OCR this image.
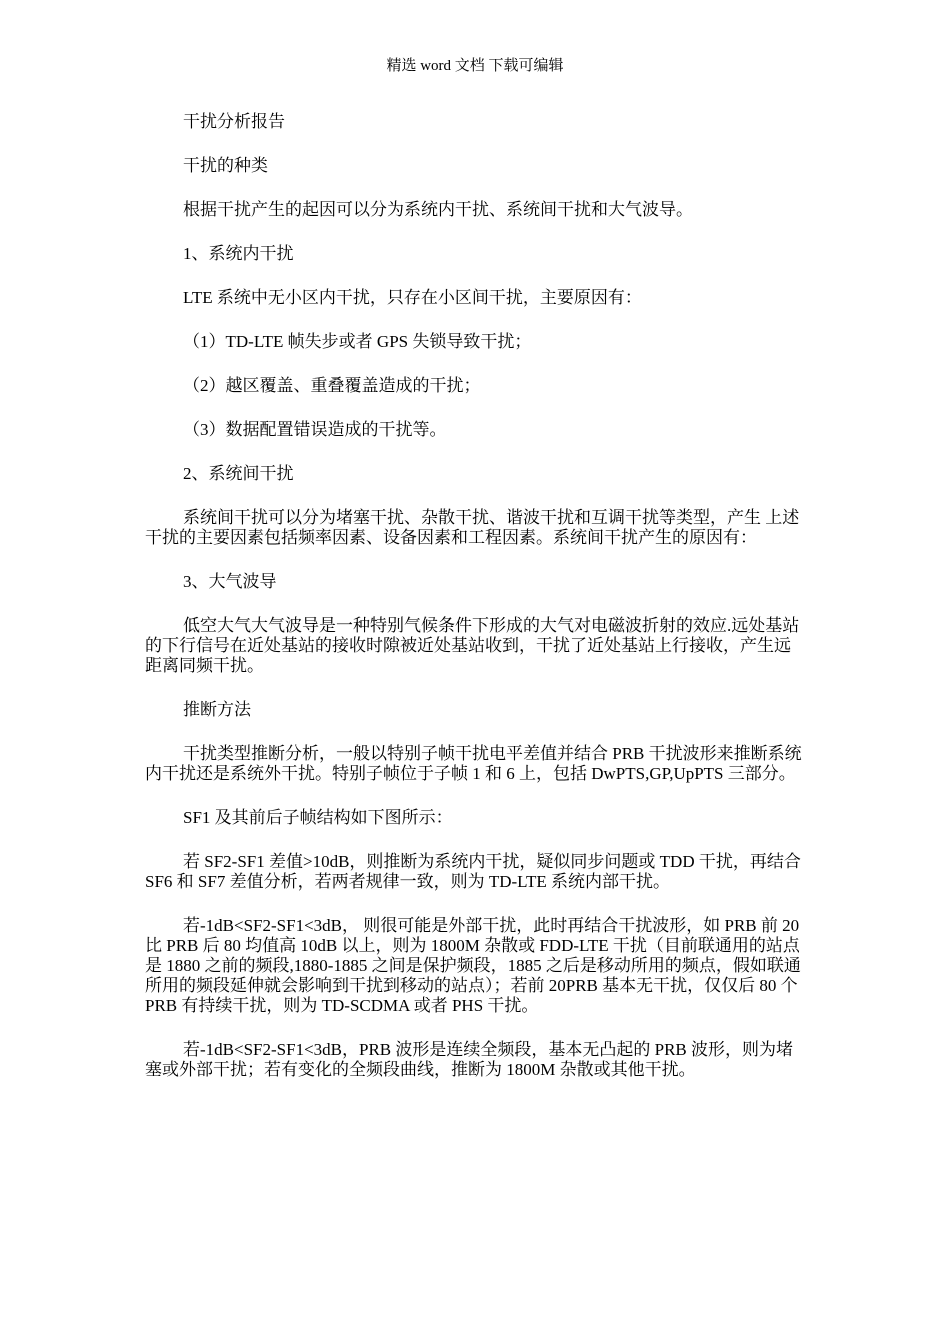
精选 word 文档 下载可编辑

干扰分析报告

干扰的种类

根据干扰产生的起因可以分为系统内干扰、系统间干扰和大气波导。

1、系统内干扰

LTE 系统中无小区内干扰，只存在小区间干扰，主要原因有：

（1）TD-LTE 帧失步或者 GPS 失锁导致干扰；

（2）越区覆盖、重叠覆盖造成的干扰；

（3）数据配置错误造成的干扰等。

2、系统间干扰

系统间干扰可以分为堵塞干扰、杂散干扰、谐波干扰和互调干扰等类型，产生 上述干扰的主要因素包括频率因素、设备因素和工程因素。系统间干扰产生的原因有：

3、大气波导

低空大气大气波导是一种特别气候条件下形成的大气对电磁波折射的效应.远处基站的下行信号在近处基站的接收时隙被近处基站收到，干扰了近处基站上行接收，产生远距离同频干扰。

推断方法

干扰类型推断分析，一般以特别子帧干扰电平差值并结合 PRB 干扰波形来推断系统内干扰还是系统外干扰。特别子帧位于子帧 1 和 6 上，包括 DwPTS,GP,UpPTS 三部分。

SF1 及其前后子帧结构如下图所示：

若 SF2-SF1 差值>10dB，则推断为系统内干扰，疑似同步问题或 TDD 干扰，再结合 SF6 和 SF7 差值分析，若两者规律一致，则为 TD-LTE 系统内部干扰。

若-1dB<SF2-SF1<3dB， 则很可能是外部干扰，此时再结合干扰波形，如 PRB 前 20 比 PRB 后 80 均值高 10dB 以上，则为 1800M 杂散或 FDD-LTE 干扰（目前联通用的站点是 1880 之前的频段,1880-1885 之间是保护频段，1885 之后是移动所用的频点，假如联通所用的频段延伸就会影响到干扰到移动的站点）；若前 20PRB 基本无干扰，仅仅后 80 个 PRB 有持续干扰，则为 TD-SCDMA 或者 PHS 干扰。

若-1dB<SF2-SF1<3dB，PRB 波形是连续全频段，基本无凸起的 PRB 波形，则为堵塞或外部干扰；若有变化的全频段曲线，推断为 1800M 杂散或其他干扰。
